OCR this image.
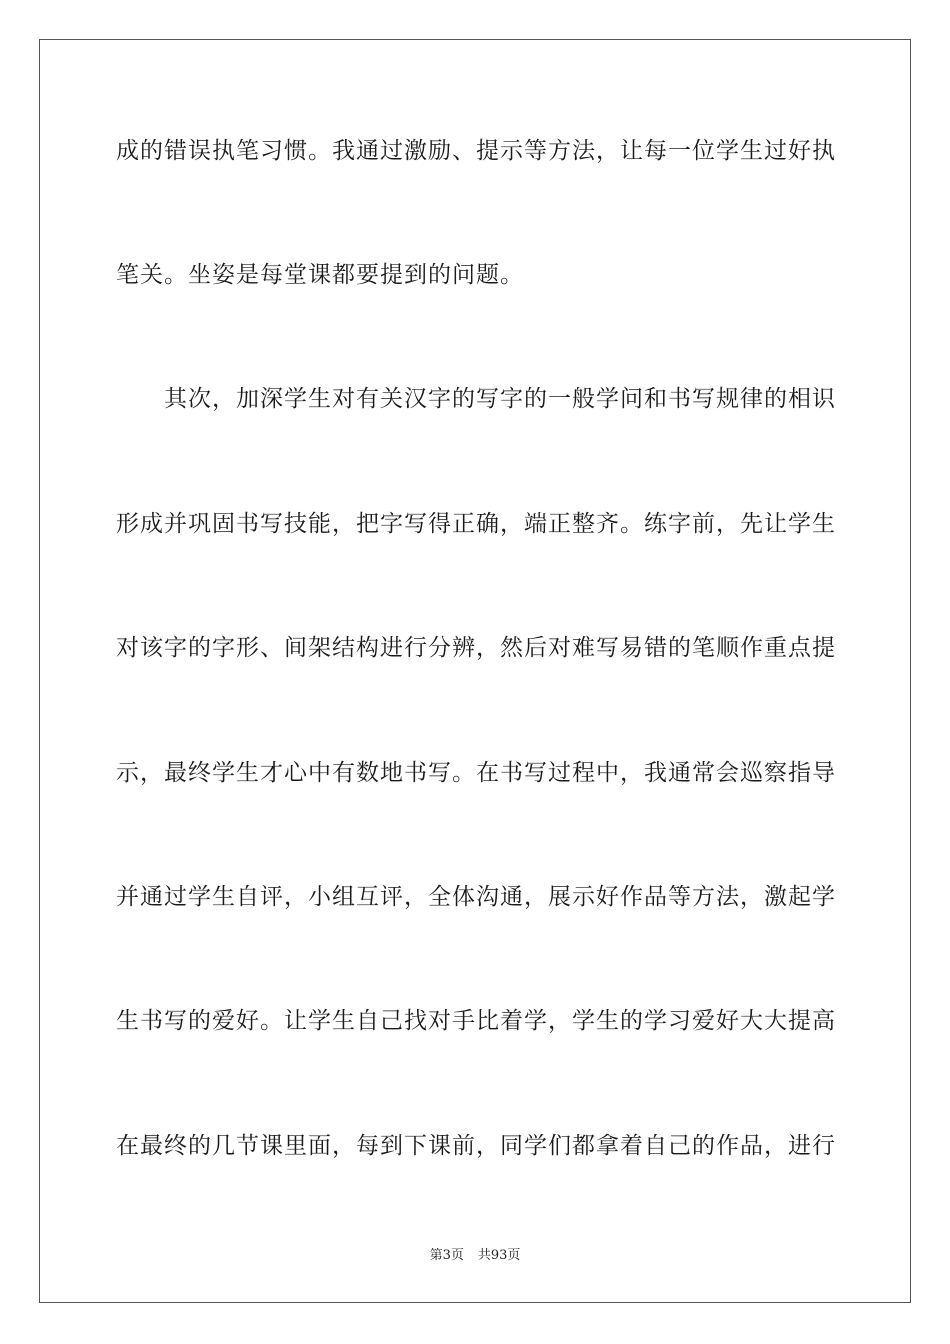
成的错误执笔习惯。我通过激励、提示等方法，让每一位学生过好执
笔关。坐姿是每堂课都要提到的问题。
其次，加深学生对有关汉字的写字的一般学问和书写规律的相识
形成并巩固书写技能，把字写得正确，端正整齐。练字前，先让学生
对该字的字形、间架结构进行分辨，然后对难写易错的笔顺作重点提
示，最终学生才心中有数地书写。在书写过程中，我通常会巡察指导
并通过学生自评，小组互评，全体沟通，展示好作品等方法，激起学
生书写的爱好。让学生自己找对手比着学，学生的学习爱好大大提高
在最终的几节课里面，每到下课前，同学们都拿着自己的作品，进行
第3页 共93页
